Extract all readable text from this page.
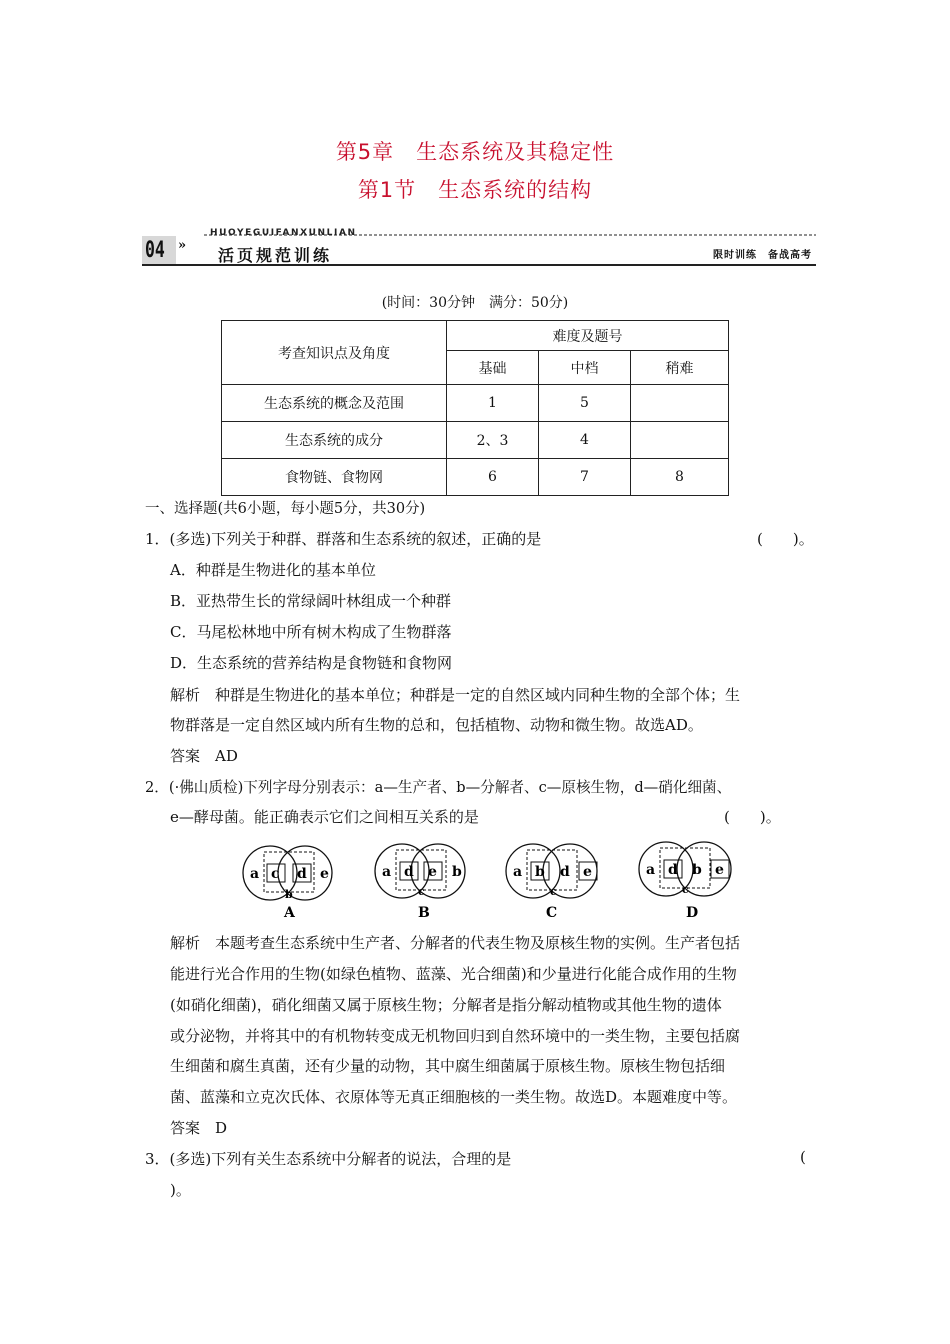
第5章　生态系统及其稳定性
第1节　生态系统的结构
HUOYEGUIFANXUNLIAN
04 »
活页规范训练	限时训练　备战高考
(时间：30分钟　满分：50分)
考查知识点及角度	难度及题号		
	基础	中档	稍难
生态系统的概念及范围	1	5	
生态系统的成分	2、3	4	
食物链、食物网	6	7	8
一、选择题(共6小题，每小题5分，共30分)
1．(多选)下列关于种群、群落和生态系统的叙述，正确的是	(　　)。
A．种群是生物进化的基本单位
B．亚热带生长的常绿阔叶林组成一个种群
C．马尾松林地中所有树木构成了生物群落
D．生态系统的营养结构是食物链和食物网
解析　种群是生物进化的基本单位；种群是一定的自然区域内同种生物的全部个体；生
物群落是一定自然区域内所有生物的总和，包括植物、动物和微生物。故选AD。
答案　AD
2．(·佛山质检)下列字母分别表示：a—生产者、b—分解者、c—原核生物，d—硝化细菌、
e—酵母菌。能正确表示它们之间相互关系的是	(　　)。
a c d e
b
A
a d e b
c
B
a b d e
c
C
a d b e
c
D
解析　本题考查生态系统中生产者、分解者的代表生物及原核生物的实例。生产者包括
能进行光合作用的生物(如绿色植物、蓝藻、光合细菌)和少量进行化能合成作用的生物
(如硝化细菌)，硝化细菌又属于原核生物；分解者是指分解动植物或其他生物的遗体
或分泌物，并将其中的有机物转变成无机物回归到自然环境中的一类生物，主要包括腐
生细菌和腐生真菌，还有少量的动物，其中腐生细菌属于原核生物。原核生物包括细
菌、蓝藻和立克次氏体、衣原体等无真正细胞核的一类生物。故选D。本题难度中等。
答案　D
3．(多选)下列有关生态系统中分解者的说法，合理的是	(
)。
